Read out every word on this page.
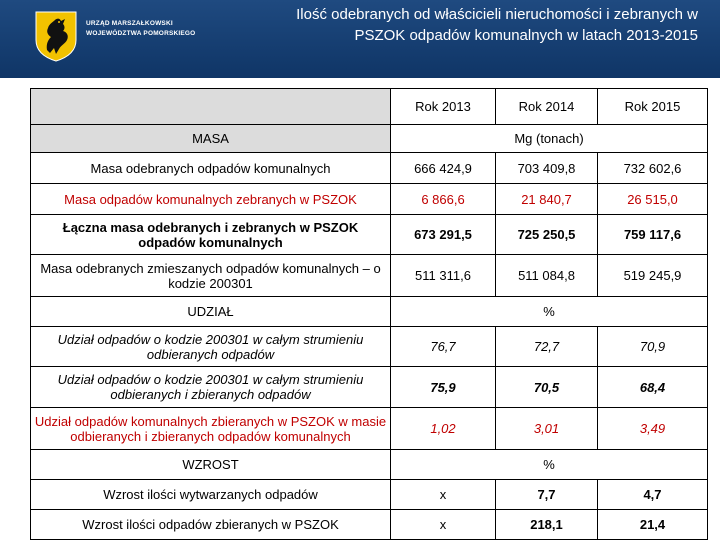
URZĄD MARSZAŁKOWSKI
WOJEWÓDZTWA POMORSKIEGO
Ilość odebranych od właścicieli nieruchomości i zebranych w PSZOK odpadów komunalnych w latach 2013-2015
	Rok 2013	Rok 2014	Rok 2015
MASA	Mg (tonach)		
Masa odebranych odpadów komunalnych	666 424,9	703 409,8	732 602,6
Masa odpadów komunalnych zebranych w PSZOK	6 866,6	21 840,7	26 515,0
Łączna masa odebranych i zebranych w PSZOK odpadów komunalnych	673 291,5	725 250,5	759 117,6
Masa odebranych zmieszanych odpadów komunalnych – o kodzie 200301	511 311,6	511 084,8	519 245,9
UDZIAŁ	%		
Udział odpadów o kodzie 200301 w całym strumieniu odbieranych odpadów	76,7	72,7	70,9
Udział odpadów o kodzie 200301 w całym strumieniu odbieranych i zbieranych odpadów	75,9	70,5	68,4
Udział odpadów komunalnych zbieranych w PSZOK w masie odbieranych i zbieranych odpadów komunalnych	1,02	3,01	3,49
WZROST	%		
Wzrost ilości wytwarzanych odpadów	x	7,7	4,7
Wzrost ilości odpadów zbieranych w PSZOK	x	218,1	21,4
